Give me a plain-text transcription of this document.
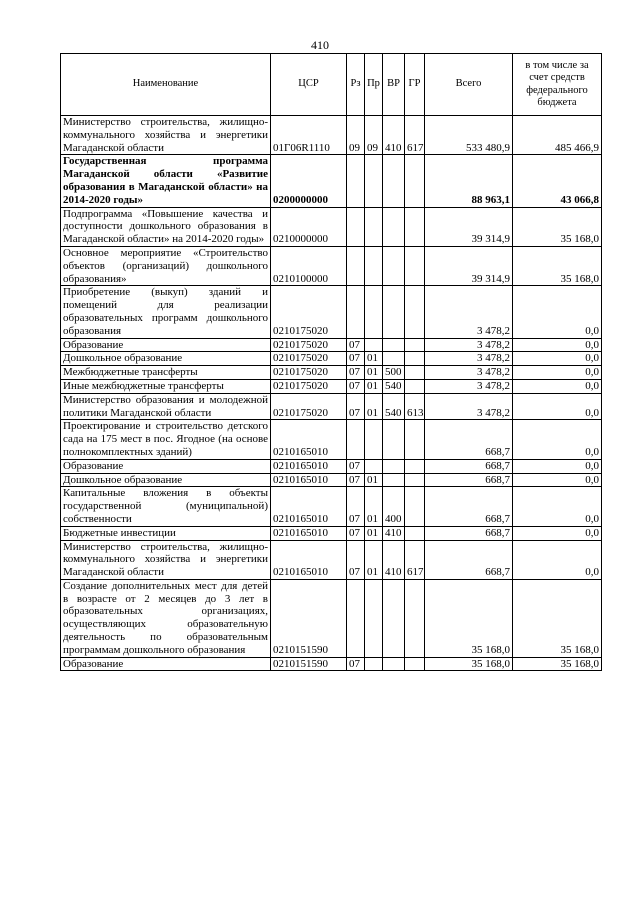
410
Наименование	ЦСР	Рз	Пр	ВР	ГР	Всего	в том числе за счет средств федерального бюджета
Министерство строительства, жилищно-коммунального хозяйства и энергетики Магаданской области	01Г06R1110	09	09	410	617	533 480,9	485 466,9
Государственная программа Магаданской области «Развитие образования в Магаданской области» на 2014-2020 годы»	0200000000					88 963,1	43 066,8
Подпрограмма «Повышение качества и доступности дошкольного образования в Магаданской области» на 2014-2020 годы»	0210000000					39 314,9	35 168,0
Основное мероприятие «Строительство объектов (организаций) дошкольного образования»	0210100000					39 314,9	35 168,0
Приобретение (выкуп) зданий и помещений для реализации образовательных программ дошкольного образования	0210175020					3 478,2	0,0
Образование	0210175020	07				3 478,2	0,0
Дошкольное образование	0210175020	07	01			3 478,2	0,0
Межбюджетные трансферты	0210175020	07	01	500		3 478,2	0,0
Иные межбюджетные трансферты	0210175020	07	01	540		3 478,2	0,0
Министерство образования и молодежной политики Магаданской области	0210175020	07	01	540	613	3 478,2	0,0
Проектирование и строительство детского сада на 175 мест в пос. Ягодное (на основе полнокомплектных зданий)	0210165010					668,7	0,0
Образование	0210165010	07				668,7	0,0
Дошкольное образование	0210165010	07	01			668,7	0,0
Капитальные вложения в объекты государственной (муниципальной) собственности	0210165010	07	01	400		668,7	0,0
Бюджетные инвестиции	0210165010	07	01	410		668,7	0,0
Министерство строительства, жилищно-коммунального хозяйства и энергетики Магаданской области	0210165010	07	01	410	617	668,7	0,0
Создание дополнительных мест для детей в возрасте от 2 месяцев до 3 лет в образовательных организациях, осуществляющих образовательную деятельность по образовательным программам дошкольного образования	0210151590					35 168,0	35 168,0
Образование	0210151590	07				35 168,0	35 168,0
